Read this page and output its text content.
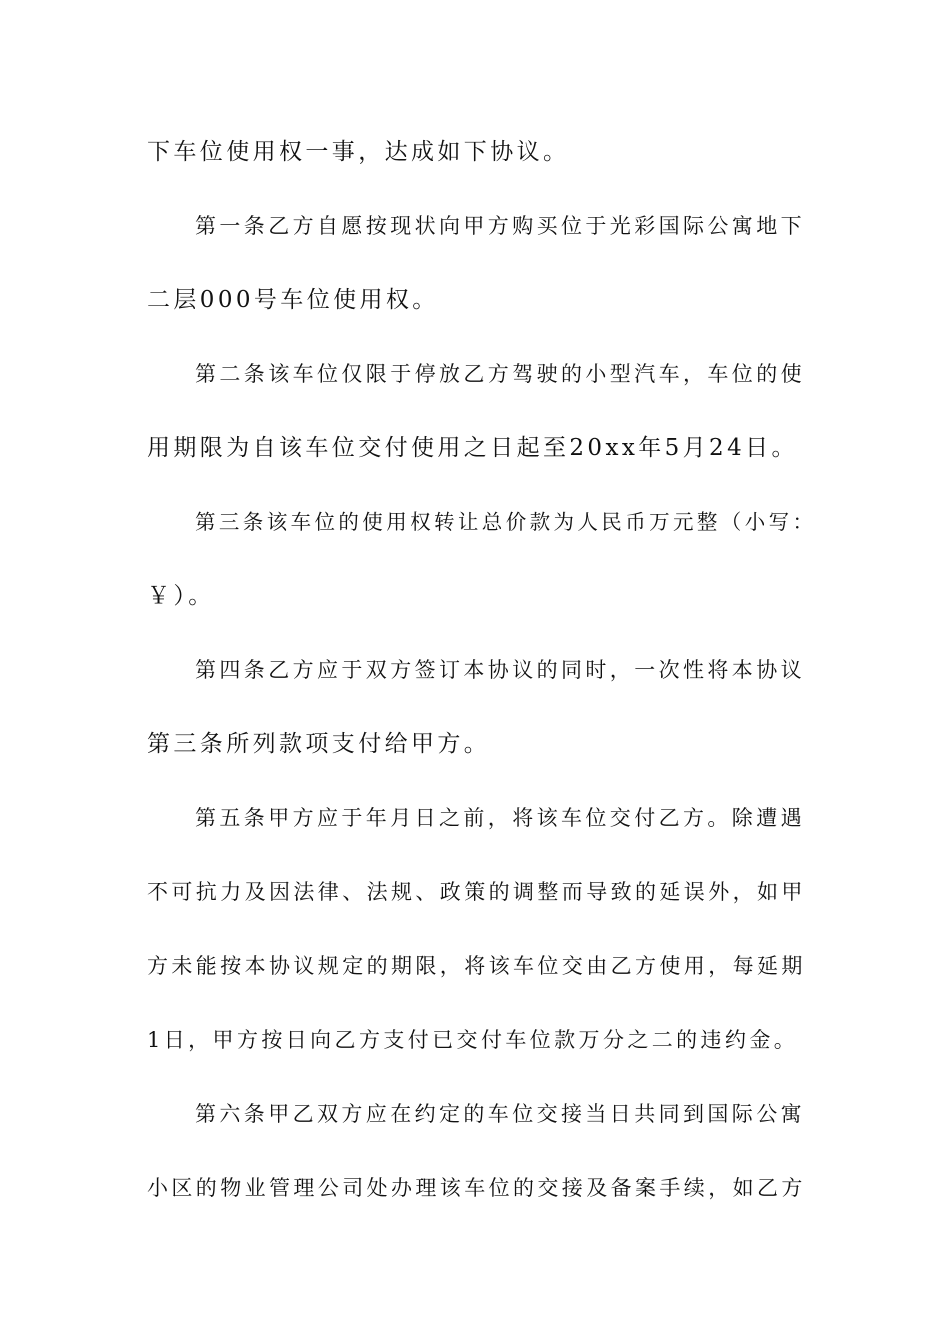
下车位使用权一事，达成如下协议。
第一条乙方自愿按现状向甲方购买位于光彩国际公寓地下
二层000号车位使用权。
第二条该车位仅限于停放乙方驾驶的小型汽车，车位的使
用期限为自该车位交付使用之日起至20xx年5月24日。
第三条该车位的使用权转让总价款为人民币万元整（小写：
￥）。
第四条乙方应于双方签订本协议的同时，一次性将本协议
第三条所列款项支付给甲方。
第五条甲方应于年月日之前，将该车位交付乙方。除遭遇
不可抗力及因法律、法规、政策的调整而导致的延误外，如甲
方未能按本协议规定的期限，将该车位交由乙方使用，每延期
1日，甲方按日向乙方支付已交付车位款万分之二的违约金。
第六条甲乙双方应在约定的车位交接当日共同到国际公寓
小区的物业管理公司处办理该车位的交接及备案手续，如乙方
